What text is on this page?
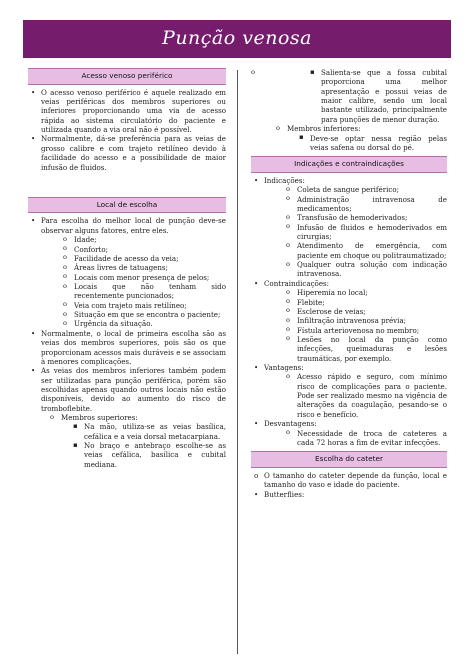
Punção venosa
Acesso venoso periférico
• O acesso venoso periférico é aquele realizado em veias periféricas dos membros superiores ou inferiores proporcionando uma via de acesso rápida ao sistema circulatório do paciente e utilizada quando a via oral não é possível.
• Normalmente, dá-se preferência para as veias de grosso calibre e com trajeto retilíneo devido à facilidade do acesso e a possibilidade de maior infusão de fluidos.
Local de escolha
• Para escolha do melhor local de punção deve-se observar alguns fatores, entre eles.
o Idade;
o Conforto;
o Facilidade de acesso da veia;
o Áreas livres de tatuagens;
o Locais com menor presença de pelos;
o Locais que não tenham sido recentemente puncionados;
o Veia com trajeto mais retilíneo;
o Situação em que se encontra o paciente;
o Urgência da situação.
• Normalmente, o local de primeira escolha são as veias dos membros superiores, pois são os que proporcionam acessos mais duráveis e se associam à menores complicações.
• As veias dos membros inferiores também podem ser utilizadas para punção periférica, porém são escolhidas apenas quando outros locais não estão disponíveis, devido ao aumento do risco de tromboflebite.
o Membros superiores:
▪ Na mão, utiliza-se as veias basílica, cefálica e a veia dorsal metacarpiana.
▪ No braço e antebraço escolhe-se as veias cefálica, basílica e cubital mediana.
▪ o Salienta-se que a fossa cubital proporciona uma melhor apresentação e possui veias de maior calibre, sendo um local bastante utilizado, principalmente para punções de menor duração.
o Membros inferiores:
▪ Deve-se optar nessa região pelas veias safena ou dorsal do pé.
Indicações e contraindicações
• Indicações:
o Coleta de sangue periférico;
o Administração intravenosa de medicamentos;
o Transfusão de hemoderivados;
o Infusão de fluidos e hemoderivados em cirurgias;
o Atendimento de emergência, com paciente em choque ou politraumatizado;
o Qualquer outra solução com indicação intravenosa.
• Contraindicações:
o Hiperemia no local;
o Flebite;
o Esclerose de veias;
o Infiltração intravenosa prévia;
o Fístula arteriovenosa no membro;
o Lesões no local da punção como infecções, queimaduras e lesões traumáticas, por exemplo.
• Vantagens:
o Acesso rápido e seguro, com mínimo risco de complicações para o paciente. Pode ser realizado mesmo na vigência de alterações da coagulação, pesando-se o risco e benefício.
• Desvantagens:
o Necessidade de troca de cateteres a cada 72 horas a fim de evitar infecções.
Escolha do cateter
o O tamanho do cateter depende da função, local e tamanho do vaso e idade do paciente.
• Butterflies:
